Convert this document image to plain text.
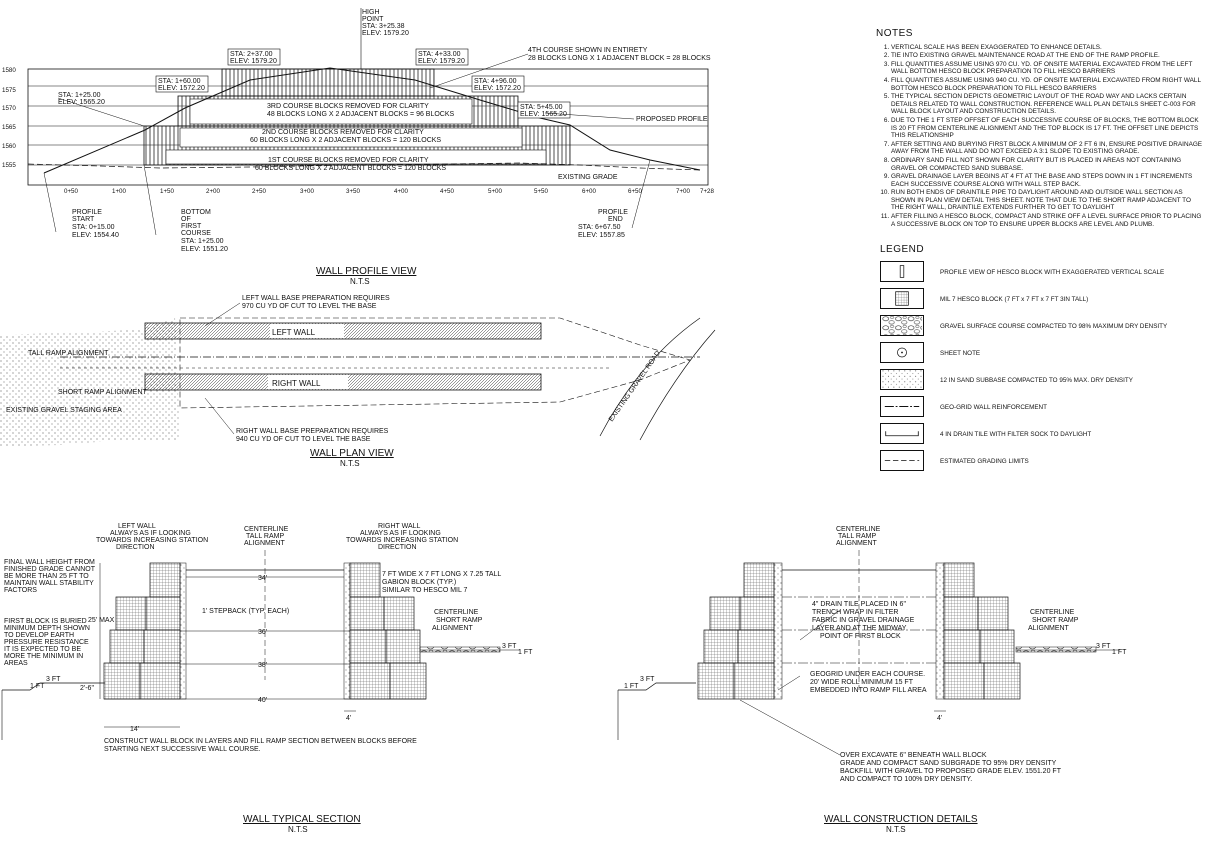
1580
1575
1570
1565
1560
1555
0+50	1+00	1+50	2+00	2+50	3+00	3+50	4+00	4+50	5+00	5+50	6+00	6+50	7+00 7+28
HIGH
POINT
STA: 3+25.38
ELEV: 1579.20
STA: 2+37.00
ELEV: 1579.20
STA: 4+33.00
ELEV: 1579.20
STA: 1+60.00
ELEV: 1572.20
STA: 4+96.00
ELEV: 1572.20
STA: 1+25.00
ELEV: 1565.20
STA: 5+45.00
ELEV: 1565.20
4TH COURSE SHOWN IN ENTIRETY
28 BLOCKS LONG X 1 ADJACENT BLOCK = 28 BLOCKS
3RD COURSE BLOCKS REMOVED FOR CLARITY
48 BLOCKS LONG X 2 ADJACENT BLOCKS = 96 BLOCKS
2ND COURSE BLOCKS REMOVED FOR CLARITY
60 BLOCKS LONG X 2 ADJACENT BLOCKS = 120 BLOCKS
1ST COURSE BLOCKS REMOVED FOR CLARITY
60 BLOCKS LONG X 2 ADJACENT BLOCKS = 120 BLOCKS
PROPOSED PROFILE
EXISTING GRADE
PROFILE
START
STA: 0+15.00
ELEV: 1554.40
BOTTOM
OF
FIRST
COURSE
STA: 1+25.00
ELEV: 1551.20
PROFILE
END
STA: 6+67.50
ELEV: 1557.85
WALL PROFILE VIEW
N.T.S
LEFT WALL
RIGHT WALL	EXISTING GRAVEL ROAD
LEFT WALL BASE PREPARATION REQUIRES
970 CU YD OF CUT TO LEVEL THE BASE
TALL RAMP ALIGNMENT
SHORT RAMP ALIGNMENT
EXISTING GRAVEL STAGING AREA
RIGHT WALL BASE PREPARATION REQUIRES
940 CU YD OF CUT TO LEVEL THE BASE
WALL PLAN VIEW
N.T.S
34'
36'
38'
40'
25' MAX
14'
4'
3 FT
1 FT	2'-6"
3 FT
1 FT
1' STEPBACK (TYP. EACH)
LEFT WALL
ALWAYS AS IF LOOKING
TOWARDS INCREASING STATION
DIRECTION
CENTERLINE
TALL RAMP
ALIGNMENT
RIGHT WALL
ALWAYS AS IF LOOKING
TOWARDS INCREASING STATION
DIRECTION
FINAL WALL HEIGHT FROM
FINISHED GRADE CANNOT
BE MORE THAN 25 FT TO
MAINTAIN WALL STABILITY
FACTORS
FIRST BLOCK IS BURIED
MINIMUM DEPTH SHOWN
TO DEVELOP EARTH
PRESSURE RESISTANCE
IT IS EXPECTED TO BE
MORE THE MINIMUM IN
AREAS
7 FT WIDE X 7 FT LONG X 7.25 TALL
GABION BLOCK (TYP.)
SIMILAR TO HESCO MIL 7
CENTERLINE
SHORT RAMP
ALIGNMENT
CONSTRUCT WALL BLOCK IN LAYERS AND FILL RAMP SECTION BETWEEN BLOCKS BEFORE
STARTING NEXT SUCCESSIVE WALL COURSE.
WALL TYPICAL SECTION
N.T.S
CENTERLINE
TALL RAMP
ALIGNMENT
CENTERLINE
SHORT RAMP
ALIGNMENT
4" DRAIN TILE PLACED IN 6"
TRENCH WRAP IN FILTER
FABRIC IN GRAVEL DRAINAGE
LAYER AND AT THE MIDWAY
POINT OF FIRST BLOCK
GEOGRID UNDER EACH COURSE.
20' WIDE ROLL MINIMUM 15 FT
EMBEDDED INTO RAMP FILL AREA
OVER EXCAVATE 6" BENEATH WALL BLOCK
GRADE AND COMPACT SAND SUBGRADE TO 95% DRY DENSITY
BACKFILL WITH GRAVEL TO PROPOSED GRADE ELEV. 1551.20 FT
AND COMPACT TO 100% DRY DENSITY.
3 FT
1 FT
3 FT
1 FT
4'
WALL CONSTRUCTION DETAILS
N.T.S
NOTES
1. VERTICAL SCALE HAS BEEN EXAGGERATED TO ENHANCE DETAILS.
2. TIE INTO EXISTING GRAVEL MAINTENANCE ROAD AT THE END OF THE RAMP PROFILE.
3. FILL QUANTITIES ASSUME USING 970 CU. YD. OF ONSITE MATERIAL EXCAVATED FROM THE LEFT WALL BOTTOM HESCO BLOCK PREPARATION TO FILL HESCO BARRIERS
4. FILL QUANTITIES ASSUME USING 940 CU. YD. OF ONSITE MATERIAL EXCAVATED FROM RIGHT WALL BOTTOM HESCO BLOCK PREPARATION TO FILL HESCO BARRIERS
5. THE TYPICAL SECTION DEPICTS GEOMETRIC LAYOUT OF THE ROAD WAY AND LACKS CERTAIN DETAILS RELATED TO WALL CONSTRUCTION. REFERENCE WALL PLAN DETAILS SHEET C-003 FOR WALL BLOCK LAYOUT AND CONSTRUCTION DETAILS.
6. DUE TO THE 1 FT STEP OFFSET OF EACH SUCCESSIVE COURSE OF BLOCKS, THE BOTTOM BLOCK IS 20 FT FROM CENTERLINE ALIGNMENT AND THE TOP BLOCK IS 17 FT. THE OFFSET LINE DEPICTS THIS RELATIONSHIP
7. AFTER SETTING AND BURYING FIRST BLOCK A MINIMUM OF 2 FT 6 IN, ENSURE POSITIVE DRAINAGE AWAY FROM THE WALL AND DO NOT EXCEED A 3:1 SLOPE TO EXISTING GRADE.
8. ORDINARY SAND FILL NOT SHOWN FOR CLARITY BUT IS PLACED IN AREAS NOT CONTAINING GRAVEL OR COMPACTED SAND SUBBASE.
9. GRAVEL DRAINAGE LAYER BEGINS AT 4 FT AT THE BASE AND STEPS DOWN IN 1 FT INCREMENTS EACH SUCCESSIVE COURSE ALONG WITH WALL STEP BACK.
10. RUN BOTH ENDS OF DRAINTILE PIPE TO DAYLIGHT AROUND AND OUTSIDE WALL SECTION AS SHOWN IN PLAN VIEW DETAIL THIS SHEET. NOTE THAT DUE TO THE SHORT RAMP ADJACENT TO THE RIGHT WALL, DRAINTILE EXTENDS FURTHER TO GET TO DAYLIGHT
11. AFTER FILLING A HESCO BLOCK, COMPACT AND STRIKE OFF A LEVEL SURFACE PRIOR TO PLACING A SUCCESSIVE BLOCK ON TOP TO ENSURE UPPER BLOCKS ARE LEVEL AND PLUMB.
LEGEND
PROFILE VIEW OF HESCO BLOCK WITH EXAGGERATED VERTICAL SCALE
MIL 7 HESCO BLOCK (7 FT x 7 FT x 7 FT 3IN TALL)
GRAVEL SURFACE COURSE COMPACTED TO 98% MAXIMUM DRY DENSITY
SHEET NOTE
12 IN SAND SUBBASE COMPACTED TO 95% MAX. DRY DENSITY
GEO-GRID WALL REINFORCEMENT
4 IN DRAIN TILE WITH FILTER SOCK TO DAYLIGHT
ESTIMATED GRADING LIMITS
